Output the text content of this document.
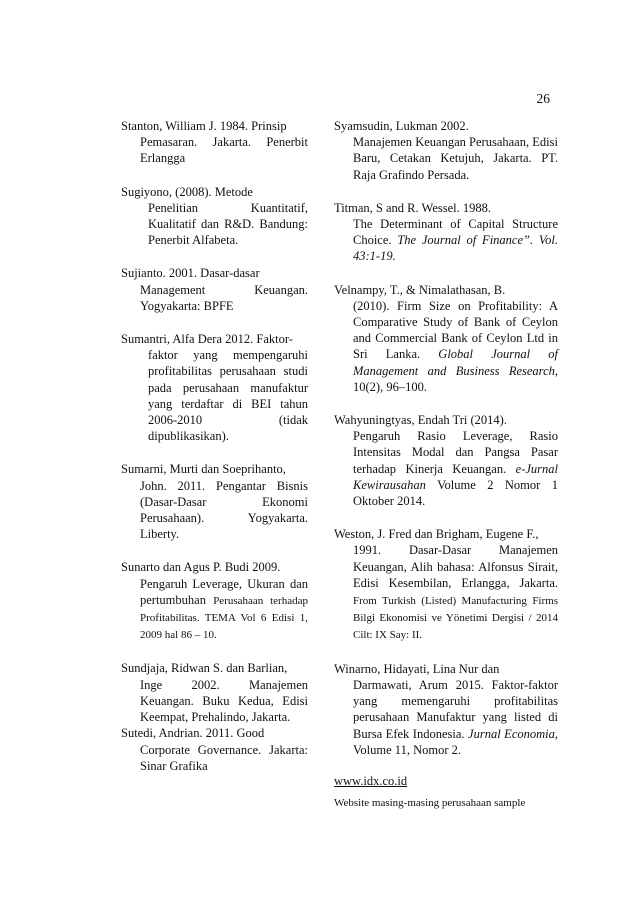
26
Stanton, William J. 1984. Prinsip
Pemasaran. Jakarta. Penerbit Erlangga
Sugiyono, (2008). Metode
Penelitian Kuantitatif, Kualitatif dan R&D. Bandung: Penerbit Alfabeta.
Sujianto. 2001. Dasar-dasar
Management Keuangan. Yogyakarta: BPFE
Sumantri, Alfa Dera 2012. Faktor-
faktor yang mempengaruhi profitabilitas perusahaan studi pada perusahaan manufaktur yang terdaftar di BEI tahun 2006-2010 (tidak dipublikasikan).
Sumarni, Murti dan Soeprihanto,
John. 2011. Pengantar Bisnis (Dasar-Dasar Ekonomi Perusahaan). Yogyakarta. Liberty.
Sunarto dan Agus P. Budi 2009.
Pengaruh Leverage, Ukuran dan pertumbuhan Perusahaan terhadap Profitabilitas. TEMA Vol 6 Edisi 1, 2009 hal 86 – 10.
Sundjaja, Ridwan S. dan Barlian,
Inge 2002. Manajemen Keuangan. Buku Kedua, Edisi Keempat, Prehalindo, Jakarta.
Sutedi, Andrian. 2011. Good
Corporate Governance. Jakarta: Sinar Grafika
Syamsudin, Lukman 2002.
Manajemen Keuangan Perusahaan, Edisi Baru, Cetakan Ketujuh, Jakarta. PT. Raja Grafindo Persada.
Titman, S and R. Wessel. 1988.
The Determinant of Capital Structure Choice. The Journal of Finance”. Vol. 43:1-19.
Velnampy, T., & Nimalathasan, B.
(2010). Firm Size on Profitability: A Comparative Study of Bank of Ceylon and Commercial Bank of Ceylon Ltd in Sri Lanka. Global Journal of Management and Business Research, 10(2), 96–100.
Wahyuningtyas, Endah Tri (2014).
Pengaruh Rasio Leverage, Rasio Intensitas Modal dan Pangsa Pasar terhadap Kinerja Keuangan. e-Jurnal Kewirausahan Volume 2 Nomor 1 Oktober 2014.
Weston, J. Fred dan Brigham, Eugene F.,
1991. Dasar-Dasar Manajemen Keuangan, Alih bahasa: Alfonsus Sirait, Edisi Kesembilan, Erlangga, Jakarta. From Turkish (Listed) Manufacturing Firms Bilgi Ekonomisi ve Yönetimi Dergisi / 2014 Cilt: IX Say: II.
Winarno, Hidayati, Lina Nur dan
Darmawati, Arum 2015. Faktor-faktor yang memengaruhi profitabilitas perusahaan Manufaktur yang listed di Bursa Efek Indonesia. Jurnal Economia, Volume 11, Nomor 2.
www.idx.co.id
Website masing-masing perusahaan sample
